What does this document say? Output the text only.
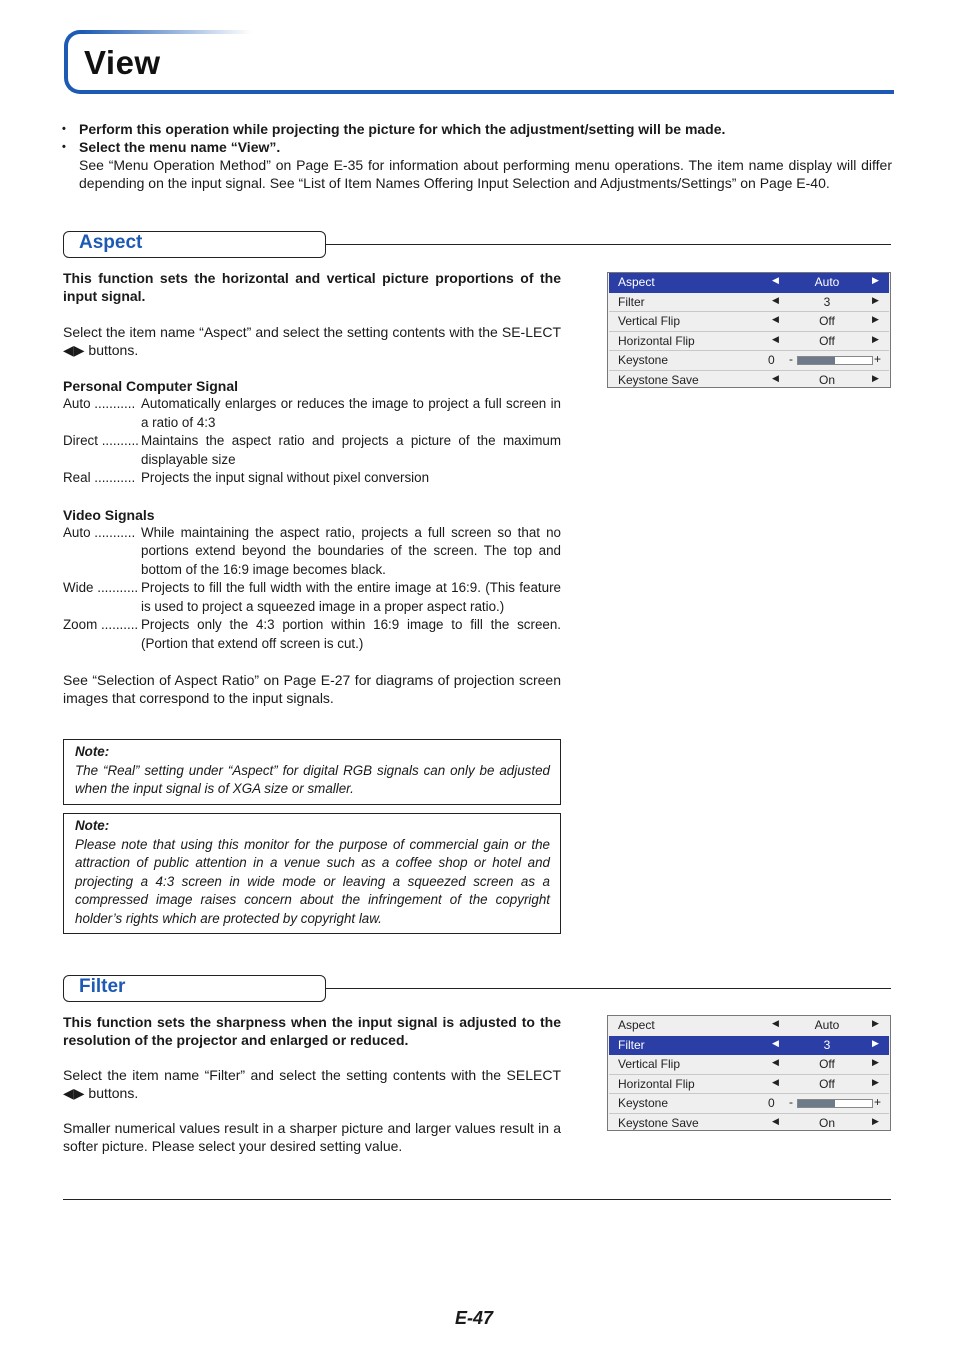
View
• Perform this operation while projecting the picture for which the adjustment/setting will be made.
• Select the menu name “View”.
See “Menu Operation Method” on Page E-35 for information about performing menu operations. The item name display will differ depending on the input signal. See “List of Item Names Offering Input Selection and Adjustments/Settings” on Page E-40.
Aspect
This function sets the horizontal and vertical picture proportions of the input signal.
Select the item name “Aspect” and select the setting contents with the SE-LECT ◀▶ buttons.
Personal Computer Signal
Auto ........... Automatically enlarges or reduces the image to project a full screen in a ratio of 4:3
Direct .......... Maintains the aspect ratio and projects a picture of the maximum displayable size
Real ........... Projects the input signal without pixel conversion
Video Signals
Auto ........... While maintaining the aspect ratio, projects a full screen so that no portions extend beyond the boundaries of the screen. The top and bottom of the 16:9 image becomes black.
Wide ........... Projects to fill the full width with the entire image at 16:9. (This feature is used to project a squeezed image in a proper aspect ratio.)
Zoom .......... Projects only the 4:3 portion within 16:9 image to fill the screen. (Portion that extend off screen is cut.)
See “Selection of Aspect Ratio” on Page E-27 for diagrams of projection screen images that correspond to the input signals.
Note:
The “Real” setting under “Aspect” for digital RGB signals can only be adjusted when the input signal is of XGA size or smaller.
Note:
Please note that using this monitor for the purpose of commercial gain or the attraction of public attention in a venue such as a coffee shop or hotel and projecting a 4:3 screen in wide mode or leaving a squeezed screen as a compressed image raises concern about the infringement of the copyright holder’s rights which are protected by copyright law.
Aspect	◀	Auto	▶
Filter	◀	3	▶
Vertical Flip	◀	Off	▶
Horizontal Flip	◀	Off	▶
Keystone	0 -	+
Keystone Save	◀	On	▶
Filter
This function sets the sharpness when the input signal is adjusted to the resolution of the projector and enlarged or reduced.
Select the item name “Filter” and select the setting contents with the SELECT ◀▶ buttons.
Smaller numerical values result in a sharper picture and larger values result in a softer picture. Please select your desired setting value.
Aspect	◀	Auto	▶
Filter	◀	3	▶
Vertical Flip	◀	Off	▶
Horizontal Flip	◀	Off	▶
Keystone	0 -	+
Keystone Save	◀	On	▶
E-47
